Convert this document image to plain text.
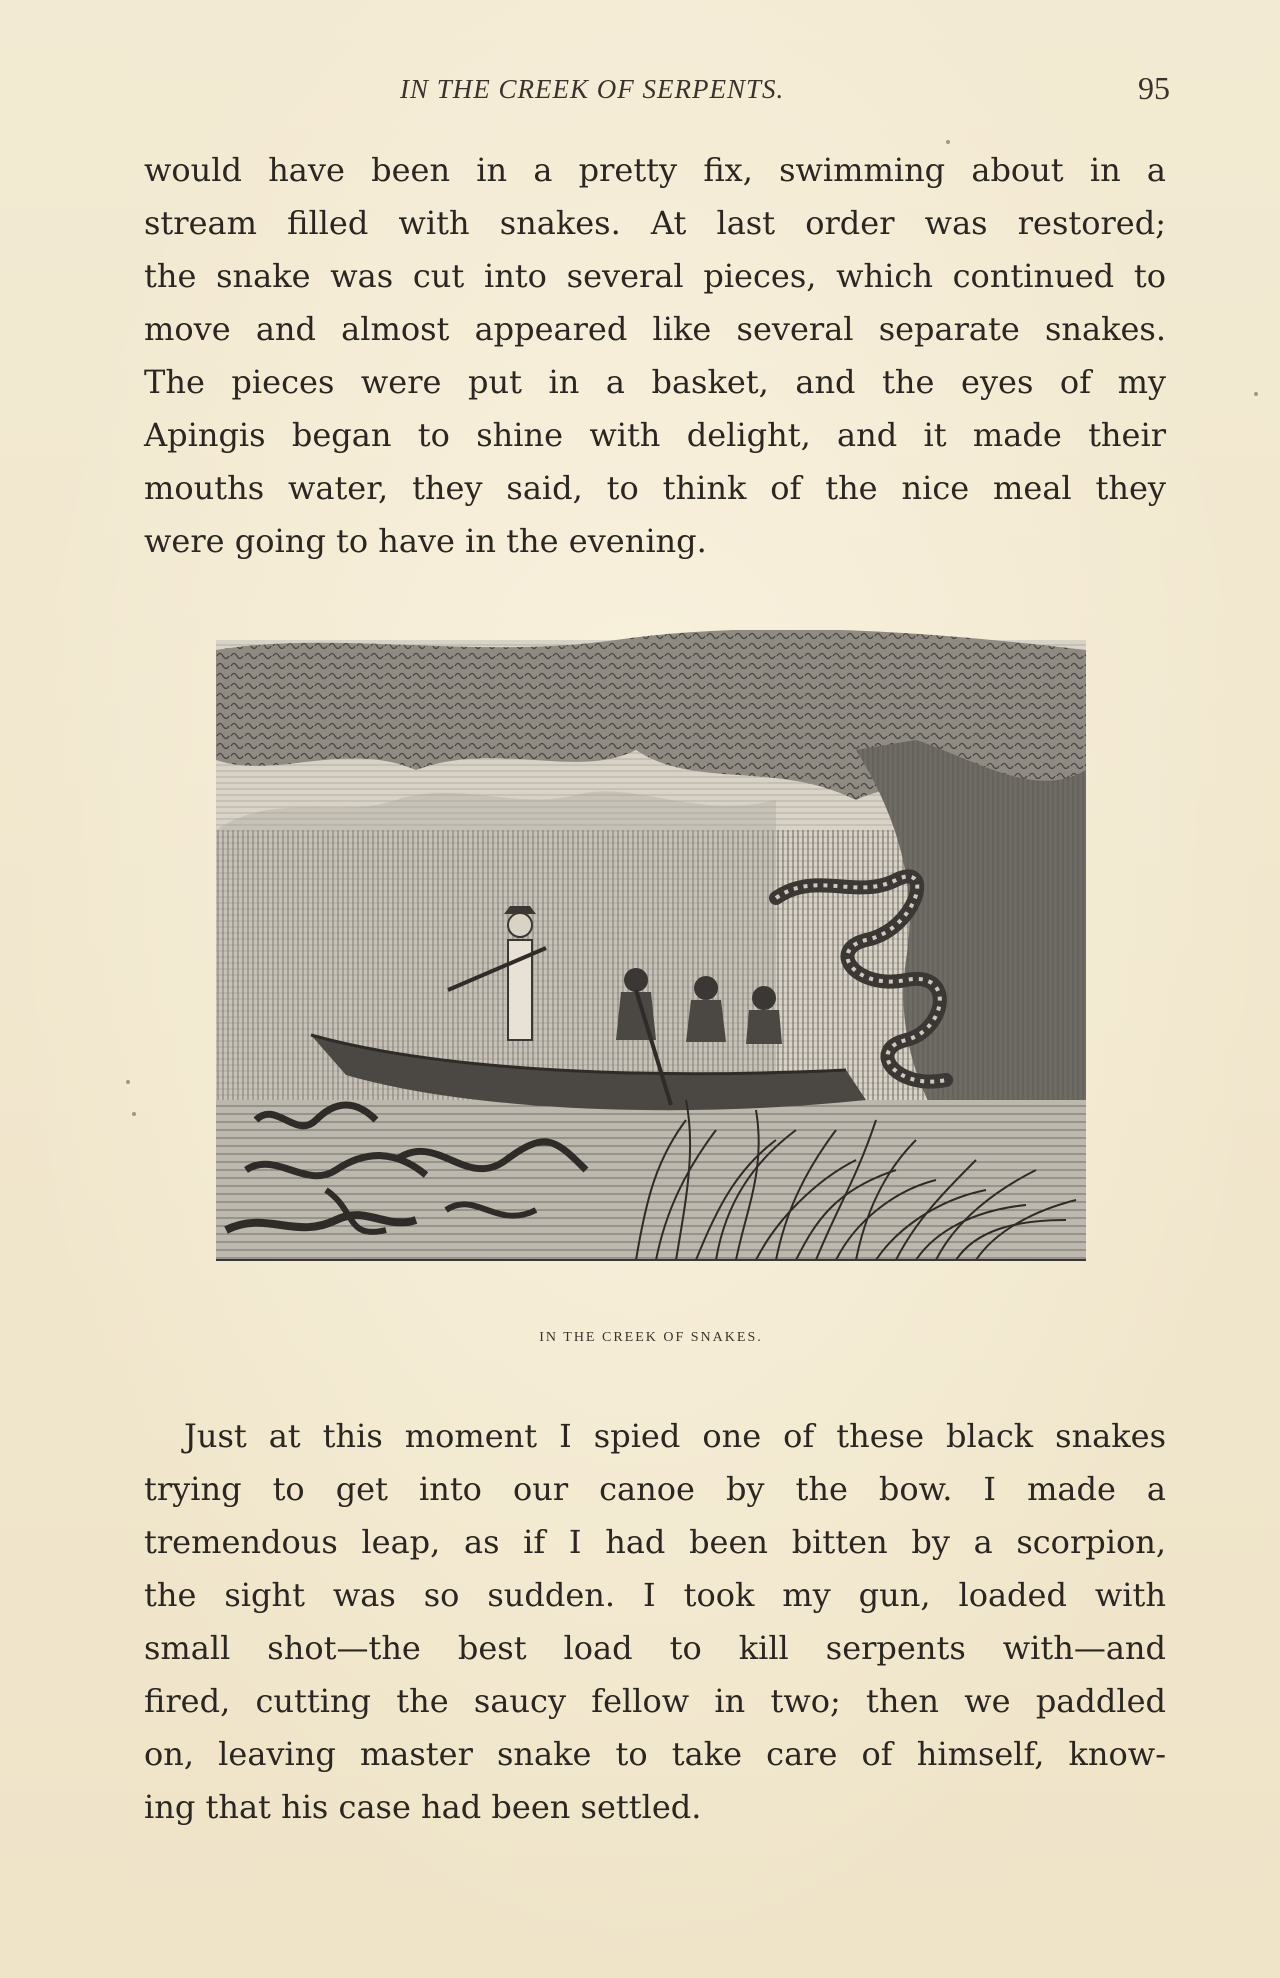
IN THE CREEK OF SERPENTS.	95
would have been in a pretty fix, swimming about in a
stream filled with snakes. At last order was restored;
the snake was cut into several pieces, which continued to
move and almost appeared like several separate snakes.
The pieces were put in a basket, and the eyes of my
Apingis began to shine with delight, and it made their
mouths water, they said, to think of the nice meal they
were going to have in the evening.
IN THE CREEK OF SNAKES.
Just at this moment I spied one of these black snakes
trying to get into our canoe by the bow. I made a
tremendous leap, as if I had been bitten by a scorpion,
the sight was so sudden. I took my gun, loaded with
small shot—the best load to kill serpents with—and
fired, cutting the saucy fellow in two; then we paddled
on, leaving master snake to take care of himself, know-
ing that his case had been settled.
